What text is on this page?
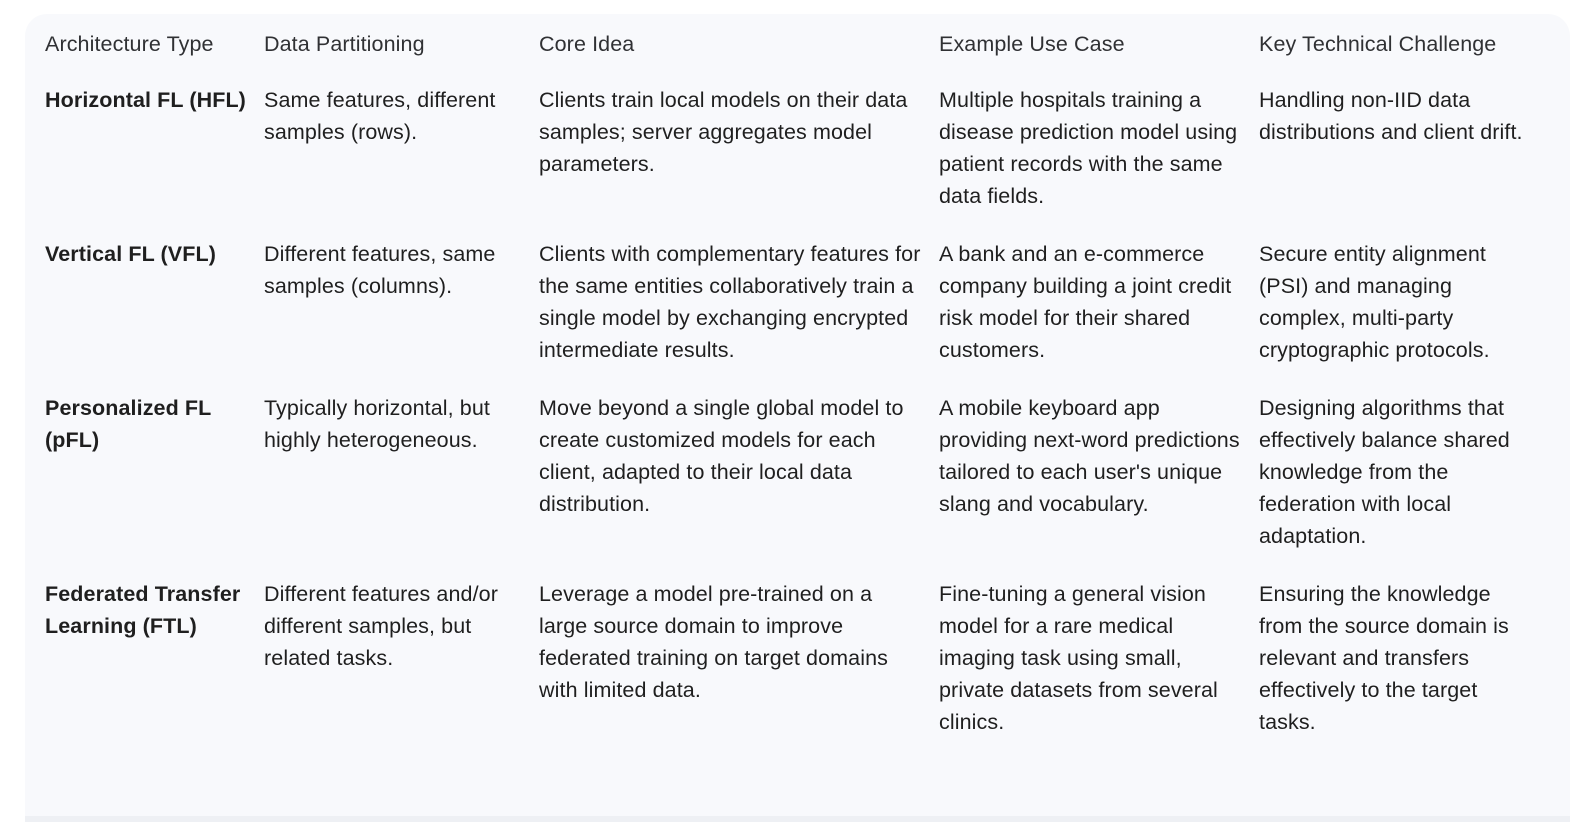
Architecture Type	Data Partitioning	Core Idea	Example Use Case	Key Technical Challenge
Horizontal FL (HFL)	Same features, different samples (rows).	Clients train local models on their data samples; server aggregates model parameters.	Multiple hospitals training a disease prediction model using patient records with the same data fields.	Handling non-IID data distributions and client drift.
Vertical FL (VFL)	Different features, same samples (columns).	Clients with complementary features for the same entities collaboratively train a single model by exchanging encrypted intermediate results.	A bank and an e-commerce company building a joint credit risk model for their shared customers.	Secure entity alignment (PSI) and managing complex, multi-party cryptographic protocols.
Personalized FL (pFL)	Typically horizontal, but highly heterogeneous.	Move beyond a single global model to create customized models for each client, adapted to their local data distribution.	A mobile keyboard app providing next-word predictions tailored to each user's unique slang and vocabulary.	Designing algorithms that effectively balance shared knowledge from the federation with local adaptation.
Federated Transfer Learning (FTL)	Different features and/or different samples, but related tasks.	Leverage a model pre-trained on a large source domain to improve federated training on target domains with limited data.	Fine-tuning a general vision model for a rare medical imaging task using small, private datasets from several clinics.	Ensuring the knowledge from the source domain is relevant and transfers effectively to the target tasks.
